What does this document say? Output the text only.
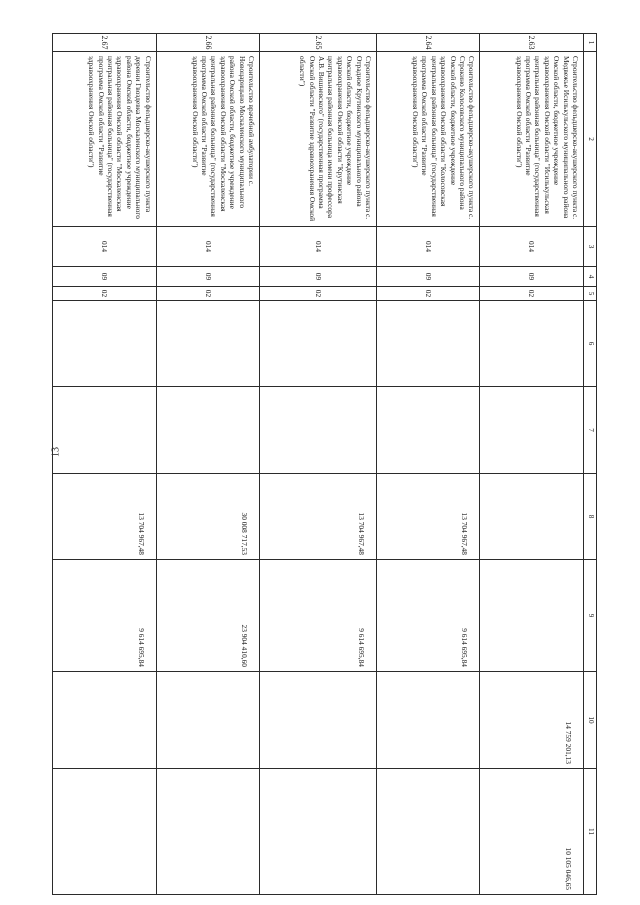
13
1	2	3	4	5	6	7	8	9	10	11
2.63	Строительство фельдшерско-акушерского пункта с. Медвежье Исилькульского муниципального района Омской области, бюджетное учреждение здравоохранения Омской области "Исилькульская центральная районная больница" (государственная программа Омской области "Развитие здравоохранения Омской области")	014	09	02					14 759 201,13	10 105 046,65
2.64	Строительство фельдшерско-акушерского пункта с. Строкино Колосовского муниципального района Омской области, бюджетное учреждение здравоохранения Омской области "Колосовская центральная районная больница" (государственная программа Омской области "Развитие здравоохранения Омской области")	014	09	02			13 704 967,48	9 614 695,84		
2.65	Строительство фельдшерско-акушерского пункта с. Отрадное Крутинского муниципального района Омской области, бюджетное учреждение здравоохранения Омской области "Крутинская центральная районная больница имени профессора А.В. Вишневского" (государственная программа Омской области "Развитие здравоохранения Омской области")	014	09	02			13 704 967,48	9 614 695,84		
2.66	Строительство врачебной амбулатории с. Новоцарицыно Москаленского муниципального района Омской области, бюджетное учреждение здравоохранения Омской области "Москаленская центральная районная больница" (государственная программа Омской области "Развитие здравоохранения Омской области")	014	09	02			30 008 717,53	23 904 410,60		
2.67	Строительство фельдшерско-акушерского пункта деревни Гвоздевка Москаленского муниципального района Омской области, бюджетное учреждение здравоохранения Омской области "Москаленская центральная районная больница" (государственная программа Омской области "Развитие здравоохранения Омской области")	014	09	02			13 704 967,48	9 614 695,84		
